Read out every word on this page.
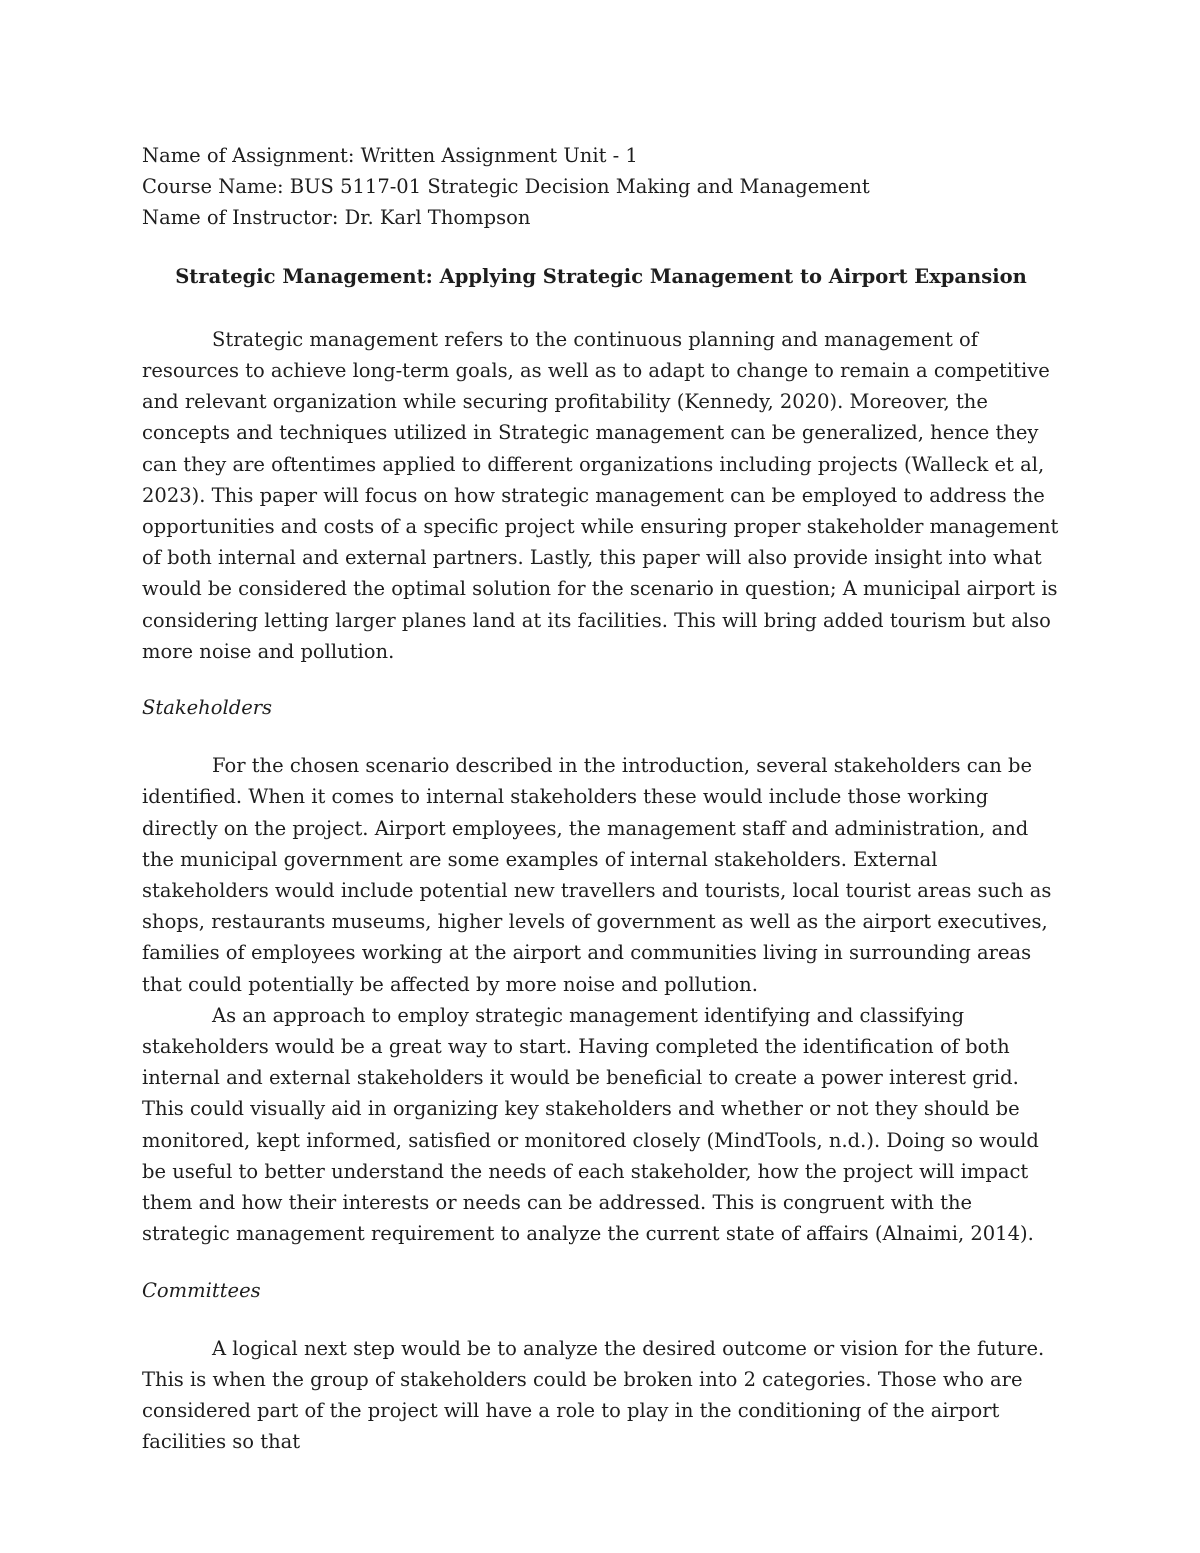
Name of Assignment: Written Assignment Unit - 1

Course Name: BUS 5117-01 Strategic Decision Making and Management

Name of Instructor: Dr. Karl Thompson

Strategic Management: Applying Strategic Management to Airport Expansion

Strategic management refers to the continuous planning and management of resources to achieve long-term goals, as well as to adapt to change to remain a competitive and relevant organization while securing profitability (Kennedy, 2020). Moreover, the concepts and techniques utilized in Strategic management can be generalized, hence they can they are oftentimes applied to different organizations including projects (Walleck et al, 2023). This paper will focus on how strategic management can be employed to address the opportunities and costs of a specific project while ensuring proper stakeholder management of both internal and external partners. Lastly, this paper will also provide insight into what would be considered the optimal solution for the scenario in question; A municipal airport is considering letting larger planes land at its facilities. This will bring added tourism but also more noise and pollution.

Stakeholders

For the chosen scenario described in the introduction, several stakeholders can be identified. When it comes to internal stakeholders these would include those working directly on the project. Airport employees, the management staff and administration, and the municipal government are some examples of internal stakeholders. External stakeholders would include potential new travellers and tourists, local tourist areas such as shops, restaurants museums, higher levels of government as well as the airport executives, families of employees working at the airport and communities living in surrounding areas that could potentially be affected by more noise and pollution.

As an approach to employ strategic management identifying and classifying stakeholders would be a great way to start. Having completed the identification of both internal and external stakeholders it would be beneficial to create a power interest grid. This could visually aid in organizing key stakeholders and whether or not they should be monitored, kept informed, satisfied or monitored closely (MindTools, n.d.). Doing so would be useful to better understand the needs of each stakeholder, how the project will impact them and how their interests or needs can be addressed. This is congruent with the strategic management requirement to analyze the current state of affairs (Alnaimi, 2014).

Committees

A logical next step would be to analyze the desired outcome or vision for the future. This is when the group of stakeholders could be broken into 2 categories. Those who are considered part of the project will have a role to play in the conditioning of the airport facilities so that
